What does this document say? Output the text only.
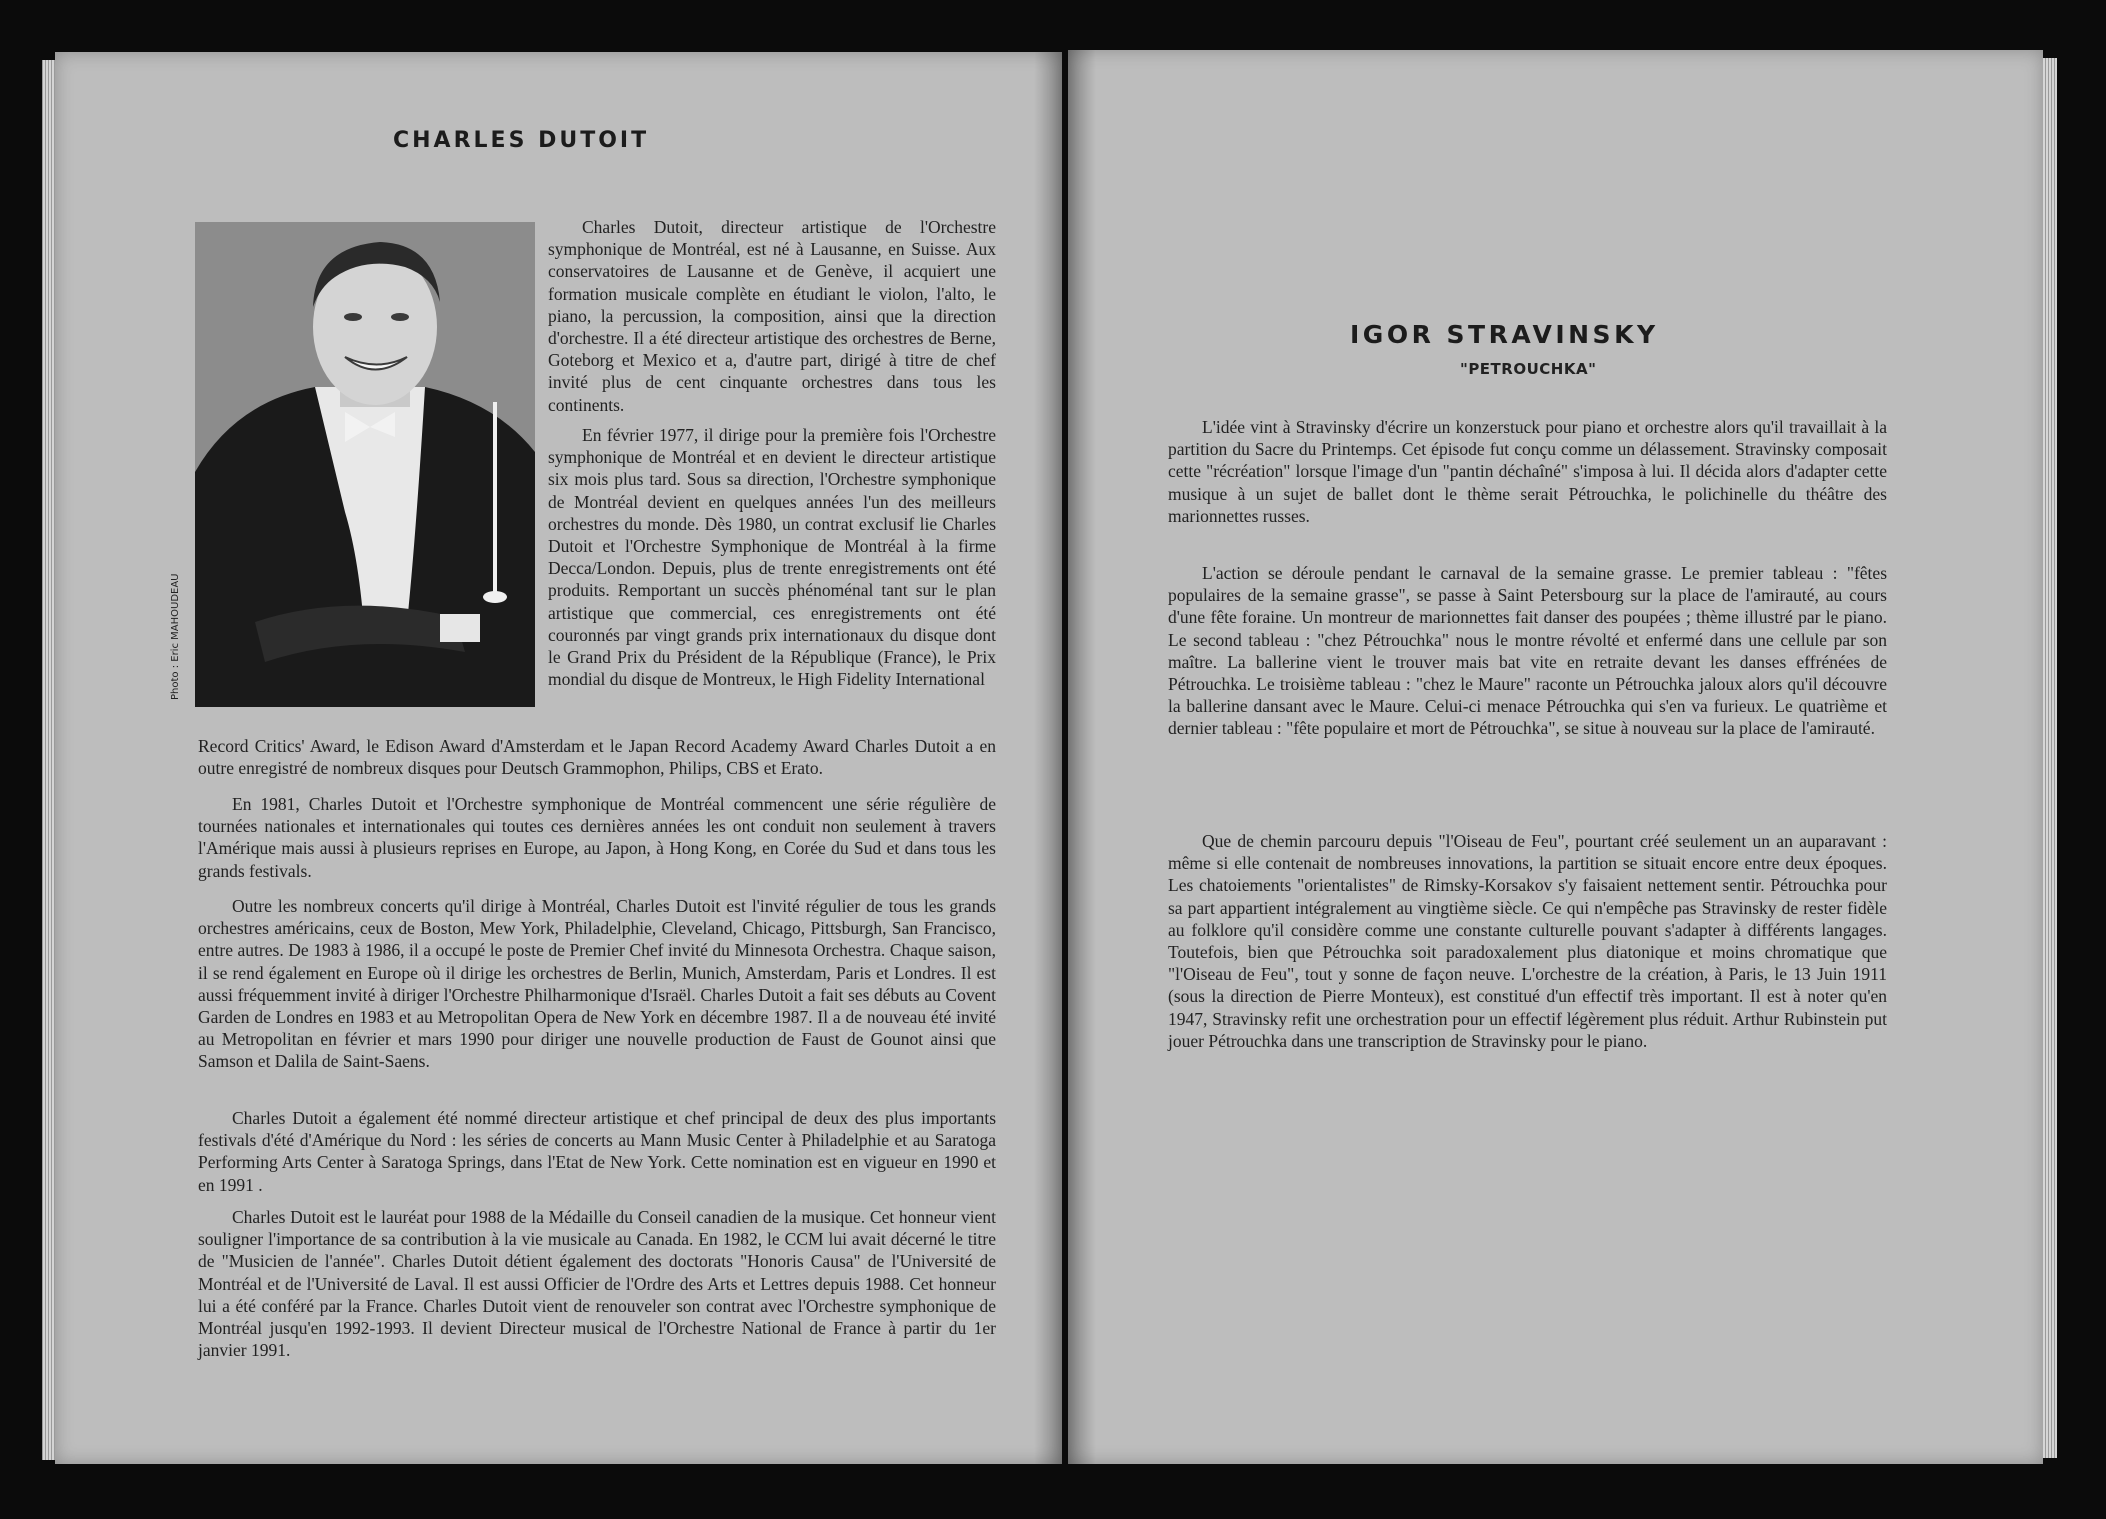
CHARLES DUTOIT
Photo : Eric MAHOUDEAU

Charles Dutoit, directeur artistique de l'Orchestre symphonique de Montréal, est né à Lausanne, en Suisse. Aux conservatoires de Lausanne et de Genève, il acquiert une formation musicale complète en étudiant le violon, l'alto, le piano, la percussion, la composition, ainsi que la direction d'orchestre. Il a été directeur artistique des orchestres de Berne, Goteborg et Mexico et a, d'autre part, dirigé à titre de chef invité plus de cent cinquante orchestres dans tous les continents.

En février 1977, il dirige pour la première fois l'Orchestre symphonique de Montréal et en devient le directeur artistique six mois plus tard. Sous sa direction, l'Orchestre symphonique de Montréal devient en quelques années l'un des meilleurs orchestres du monde. Dès 1980, un contrat exclusif lie Charles Dutoit et l'Orchestre Symphonique de Montréal à la firme Decca/London. Depuis, plus de trente enregistrements ont été produits. Remportant un succès phénoménal tant sur le plan artistique que commercial, ces enregistrements ont été couronnés par vingt grands prix internationaux du disque dont le Grand Prix du Président de la République (France), le Prix mondial du disque de Montreux, le High Fidelity International

Record Critics' Award, le Edison Award d'Amsterdam et le Japan Record Academy Award Charles Dutoit a en outre enregistré de nombreux disques pour Deutsch Grammophon, Philips, CBS et Erato.

En 1981, Charles Dutoit et l'Orchestre symphonique de Montréal commencent une série régulière de tournées nationales et internationales qui toutes ces dernières années les ont conduit non seulement à travers l'Amérique mais aussi à plusieurs reprises en Europe, au Japon, à Hong Kong, en Corée du Sud et dans tous les grands festivals.

Outre les nombreux concerts qu'il dirige à Montréal, Charles Dutoit est l'invité régulier de tous les grands orchestres américains, ceux de Boston, Mew York, Philadelphie, Cleveland, Chicago, Pittsburgh, San Francisco, entre autres. De 1983 à 1986, il a occupé le poste de Premier Chef invité du Minnesota Orchestra. Chaque saison, il se rend également en Europe où il dirige les orchestres de Berlin, Munich, Amsterdam, Paris et Londres. Il est aussi fréquemment invité à diriger l'Orchestre Philharmonique d'Israël. Charles Dutoit a fait ses débuts au Covent Garden de Londres en 1983 et au Metropolitan Opera de New York en décembre 1987. Il a de nouveau été invité au Metropolitan en février et mars 1990 pour diriger une nouvelle production de Faust de Gounot ainsi que Samson et Dalila de Saint-Saens.

Charles Dutoit a également été nommé directeur artistique et chef principal de deux des plus importants festivals d'été d'Amérique du Nord : les séries de concerts au Mann Music Center à Philadelphie et au Saratoga Performing Arts Center à Saratoga Springs, dans l'Etat de New York. Cette nomination est en vigueur en 1990 et en 1991 .

Charles Dutoit est le lauréat pour 1988 de la Médaille du Conseil canadien de la musique. Cet honneur vient souligner l'importance de sa contribution à la vie musicale au Canada. En 1982, le CCM lui avait décerné le titre de "Musicien de l'année". Charles Dutoit détient également des doctorats "Honoris Causa" de l'Université de Montréal et de l'Université de Laval. Il est aussi Officier de l'Ordre des Arts et Lettres depuis 1988. Cet honneur lui a été conféré par la France. Charles Dutoit vient de renouveler son contrat avec l'Orchestre symphonique de Montréal jusqu'en 1992-1993. Il devient Directeur musical de l'Orchestre National de France à partir du 1er janvier 1991.

IGOR STRAVINSKY
"PETROUCHKA"

L'idée vint à Stravinsky d'écrire un konzerstuck pour piano et orchestre alors qu'il travaillait à la partition du Sacre du Printemps. Cet épisode fut conçu comme un délassement. Stravinsky composait cette "récréation" lorsque l'image d'un "pantin déchaîné" s'imposa à lui. Il décida alors d'adapter cette musique à un sujet de ballet dont le thème serait Pétrouchka, le polichinelle du théâtre des marionnettes russes.

L'action se déroule pendant le carnaval de la semaine grasse. Le premier tableau : "fêtes populaires de la semaine grasse", se passe à Saint Petersbourg sur la place de l'amirauté, au cours d'une fête foraine. Un montreur de marionnettes fait danser des poupées ; thème illustré par le piano. Le second tableau : "chez Pétrouchka" nous le montre révolté et enfermé dans une cellule par son maître. La ballerine vient le trouver mais bat vite en retraite devant les danses effrénées de Pétrouchka. Le troisième tableau : "chez le Maure" raconte un Pétrouchka jaloux alors qu'il découvre la ballerine dansant avec le Maure. Celui-ci menace Pétrouchka qui s'en va furieux. Le quatrième et dernier tableau : "fête populaire et mort de Pétrouchka", se situe à nouveau sur la place de l'amirauté.

Que de chemin parcouru depuis "l'Oiseau de Feu", pourtant créé seulement un an auparavant : même si elle contenait de nombreuses innovations, la partition se situait encore entre deux époques. Les chatoiements "orientalistes" de Rimsky-Korsakov s'y faisaient nettement sentir. Pétrouchka pour sa part appartient intégralement au vingtième siècle. Ce qui n'empêche pas Stravinsky de rester fidèle au folklore qu'il considère comme une constante culturelle pouvant s'adapter à différents langages. Toutefois, bien que Pétrouchka soit paradoxalement plus diatonique et moins chromatique que "l'Oiseau de Feu", tout y sonne de façon neuve. L'orchestre de la création, à Paris, le 13 Juin 1911 (sous la direction de Pierre Monteux), est constitué d'un effectif très important. Il est à noter qu'en 1947, Stravinsky refit une orchestration pour un effectif légèrement plus réduit. Arthur Rubinstein put jouer Pétrouchka dans une transcription de Stravinsky pour le piano.
